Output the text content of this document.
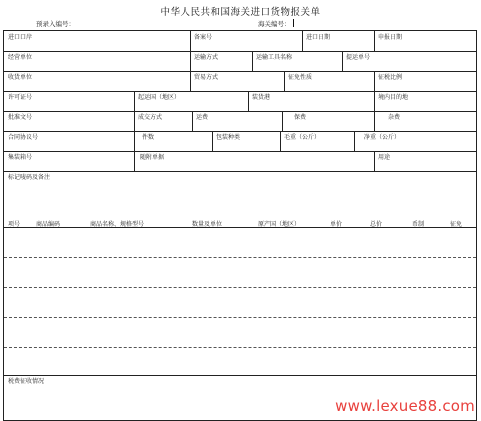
中华人民共和国海关进口货物报关单
预录入编号：	海关编号：
进口口岸	备案号	进口日期	申报日期
经营单位	运输方式	运输工具名称	提运单号
收货单位	贸易方式	征免性质	征税比例
许可证号	起运国（地区）	装货港	境内目的地
批准文号	成交方式	运费	保费	杂费
合同协议号	件数	包装种类	毛重（公斤）	净重（公斤）
集装箱号	随附单据	用途
标记唛码及备注
项号	商品编码	商品名称、规格型号	数量及单位	原产国（地区）	单价	总价	币制	征免
税费征收情况
www.lexue88.com
